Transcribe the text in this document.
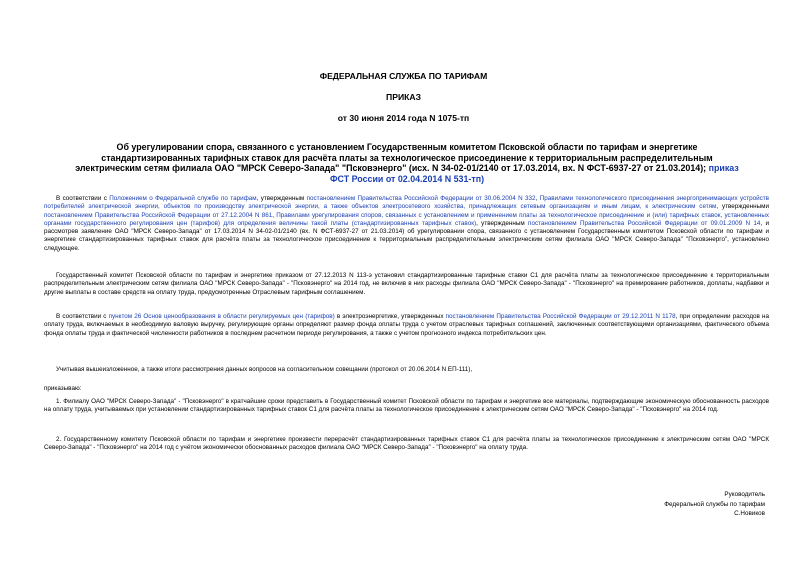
ФЕДЕРАЛЬНАЯ СЛУЖБА ПО ТАРИФАМ
ПРИКАЗ
от 30 июня 2014 года N 1075-тп
Об урегулировании спора, связанного с установлением Государственным комитетом Псковской области по тарифам и энергетике стандартизированных тарифных ставок для расчёта платы за технологическое присоединение к территориальным распределительным электрическим сетям филиала ОАО "МРСК Северо-Запада" "Псковэнерго" (исх. N 34-02-01/2140 от 17.03.2014, вх. N ФСТ-6937-27 от 21.03.2014); приказ ФСТ России от 02.04.2014 N 531-тп)

В соответствии с Положением о Федеральной службе по тарифам, утвержденным постановлением Правительства Российской Федерации от 30.06.2004 N 332, Правилами технологического присоединения энергопринимающих устройств потребителей электрической энергии, объектов по производству электрической энергии, а также объектов электросетевого хозяйства, принадлежащих сетевым организациям и иным лицам, к электрическим сетям, утвержденными постановлением Правительства Российской Федерации от 27.12.2004 N 861, Правилами урегулирования споров, связанных с установлением и применением платы за технологическое присоединение и (или) тарифных ставок, установленных органами государственного регулирования цен (тарифов) для определения величины такой платы (стандартизированных тарифных ставок), утвержденным постановлением Правительства Российской Федерации от 09.01.2009 N 14, и рассмотрев заявление ОАО "МРСК Северо-Запада" от 17.03.2014 N 34-02-01/2140 (вх. N ФСТ-6937-27 от 21.03.2014) об урегулировании спора, связанного с установлением Государственным комитетом Псковской области по тарифам и энергетике стандартизированных тарифных ставок для расчёта платы за технологическое присоединение к территориальным распределительным электрическим сетям филиала ОАО "МРСК Северо-Запада" "Псковэнерго", установлено следующее.

Государственный комитет Псковской области по тарифам и энергетике приказом от 27.12.2013 N 113-э установил стандартизированные тарифные ставки С1 для расчёта платы за технологическое присоединение к территориальным распределительным электрическим сетям филиала ОАО "МРСК Северо-Запада" - "Псковэнерго" на 2014 год, не включив в них расходы филиала ОАО "МРСК Северо-Запада" - "Псковэнерго" на премирование работников, доплаты, надбавки и другие выплаты в составе средств на оплату труда, предусмотренные Отраслевым тарифным соглашением.

В соответствии с пунктом 26 Основ ценообразования в области регулируемых цен (тарифов) в электроэнергетике, утвержденных постановлением Правительства Российской Федерации от 29.12.2011 N 1178, при определении расходов на оплату труда, включаемых в необходимую валовую выручку, регулирующие органы определяют размер фонда оплаты труда с учетом отраслевых тарифных соглашений, заключенных соответствующими организациями, фактического объема фонда оплаты труда и фактической численности работников в последнем расчетном периоде регулирования, а также с учетом прогнозного индекса потребительских цен.

Учитывая вышеизложенное, а также итоги рассмотрения данных вопросов на согласительном совещании (протокол от 20.06.2014 N ЕП-111),

приказываю:

1. Филиалу ОАО "МРСК Северо-Запада" - "Псковэнерго" в кратчайшие сроки представить в Государственный комитет Псковской области по тарифам и энергетике все материалы, подтверждающие экономическую обоснованность расходов на оплату труда, учитываемых при установлении стандартизированных тарифных ставок С1 для расчёта платы за технологическое присоединение к электрическим сетям ОАО "МРСК Северо-Запада" - "Псковэнерго" на 2014 год.

2. Государственному комитету Псковской области по тарифам и энергетике произвести перерасчёт стандартизированных тарифных ставок С1 для расчёта платы за технологическое присоединение к электрическим сетям ОАО "МРСК Северо-Запада" - "Псковэнерго" на 2014 год с учётом экономически обоснованных расходов филиала ОАО "МРСК Северо-Запада" - "Псковэнерго" на оплату труда.

Руководитель
Федеральной службы по тарифам
С.Новиков
